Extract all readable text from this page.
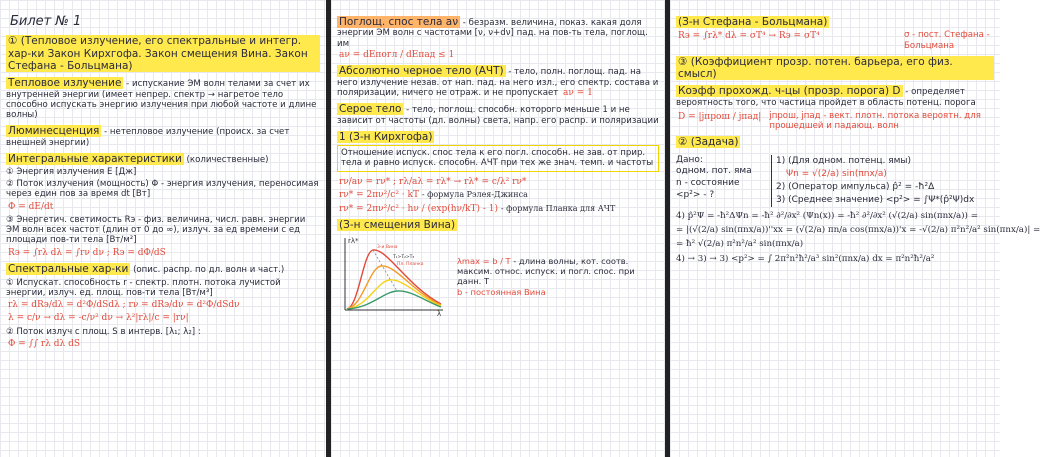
Билет № 1
① (Тепловое излучение, его спектральные и интегр. хар-ки Закон Кирхгофа. Закон смещения Вина. Закон Стефана - Больцмана)
Тепловое излучение - испускание ЭМ волн телами за счет их внутренней энергии (имеет непрер. спектр → нагретое тело способно испускать энергию излучения при любой частоте и длине волны)
Люминесценция - нетепловое излучение (происх. за счет внешней энергии)
Интегральные характеристики (количественные)
① Энергия излучения E [Дж]
② Поток излучения (мощность) Φ - энергия излучения, переносимая через един пов за время dt [Вт]
Φ = dE/dt
③ Энергетич. светимость Rэ - физ. величина, числ. равн. энергии ЭМ волн всех частот (длин от 0 до ∞), излуч. за ед времени с ед площади пов-ти тела [Вт/м²]
Rэ = ∫rλ dλ = ∫rν dν ; Rэ = dΦ/dS
Спектральные хар-ки (опис. распр. по дл. волн и част.)
① Испускат. способность r - спектр. плотн. потока лучистой энергии, излуч. ед. площ. пов-ти тела [Вт/м³]
rλ = dRэ/dλ = d²Φ/dSdλ ; rν = dRэ/dν = d²Φ/dSdν
λ = c/ν → dλ = -c/ν² dν → λ²|rλ|/c = |rν|
② Поток излуч с площ. S в интерв. [λ₁; λ₂] :
Φ = ∫∫ rλ dλ dS
Поглощ. спос тела aν - безразм. величина, показ. какая доля энергии ЭМ волн с частотами [ν, ν+dν] пад. на пов-ть тела, поглощ. им
aν = dEпогл / dEпад ≤ 1
Абсолютно черное тело (АЧТ) - тело, полн. поглощ. пад. на него излучение незав. от нап. пад. на него изл., его спектр. состава и поляризации, ничего не отраж. и не пропускает aν = 1
Серое тело - тело, поглощ. способн. которого меньше 1 и не зависит от частоты (дл. волны) света, напр. его распр. и поляризации
1 (З-н Кирхгофа)
Отношение испуск. спос тела к его погл. способн. не зав. от прир. тела и равно испуск. способн. АЧТ при тех же знач. темп. и частоты
rν/aν = rν* ; rλ/aλ = rλ* → rλ* = c/λ² rν*
rν* = 2πν²/c² · kT - формула Рэлея-Джинса
rν* = 2πν²/c² · hν / (exp(hν/kT) - 1) - формула Планка для АЧТ
(З-н смещения Вина)
rλ*
λ
3-и Вина
T₁>T₂>T₃
Пл. Планка	λmax = b / T - длина волны, кот. соотв. максим. относ. испуск. и погл. спос. при данн. T
b - постоянная Вина
(З-н Стефана - Больцмана)
Rэ = ∫rλ* dλ = σT⁴ → Rэ = σT⁴	σ - пост. Стефана - Больцмана
③ (Коэффициент прозр. потен. барьера, его физ. смысл)
Коэфф прохожд. ч-цы (прозр. порога) D - определяет вероятность того, что частица пройдет в область потенц. порога
D = |jпрош / jпад| jпрош, jпад - вект. плотн. потока вероятн. для прошедшей и падающ. волн
② (Задача)
Дано:
одном. пот. яма
n - состояние
<p²> - ?
1) (Для одном. потенц. ямы)
Ψn = √(2/a) sin(πnx/a)
2) (Оператор импульса) p̂² = -ħ²Δ
3) (Среднее значение) <p²> = ∫Ψ*(p̂²Ψ)dx
4) p̂²Ψ = -ħ²ΔΨn = -ħ² ∂²/∂x² (Ψn(x)) = -ħ² ∂²/∂x² (√(2/a) sin(πnx/a)) =
= |(√(2/a) sin(πnx/a))''xx = (√(2/a) πn/a cos(πnx/a))'x = -√(2/a) π²n²/a² sin(πnx/a)| =
= ħ² √(2/a) π²n²/a² sin(πnx/a)
4) → 3) → 3) <p²> = ∫ 2π²n²ħ²/a³ sin²(πnx/a) dx = π²n²ħ²/a²
